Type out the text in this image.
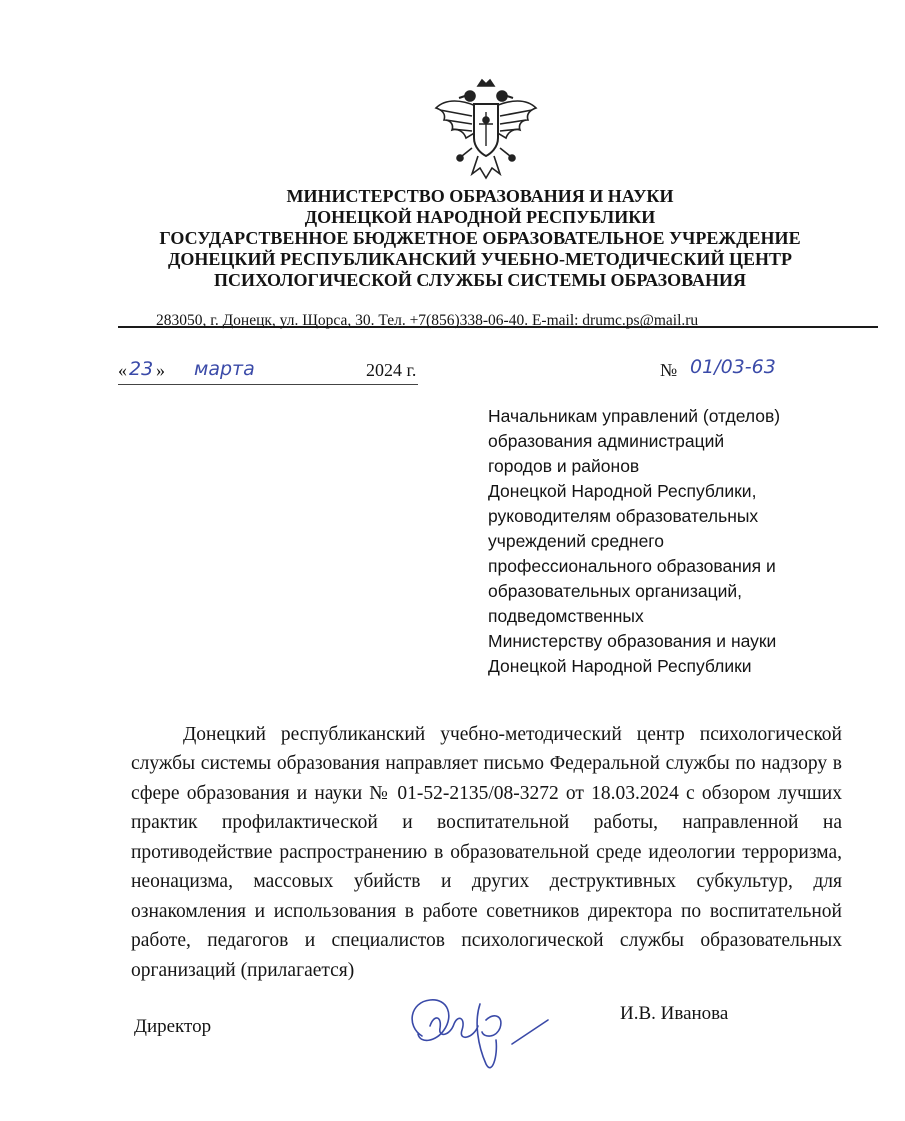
МИНИСТЕРСТВО ОБРАЗОВАНИЯ И НАУКИ
ДОНЕЦКОЙ НАРОДНОЙ РЕСПУБЛИКИ
ГОСУДАРСТВЕННОЕ БЮДЖЕТНОЕ ОБРАЗОВАТЕЛЬНОЕ УЧРЕЖДЕНИЕ
ДОНЕЦКИЙ РЕСПУБЛИКАНСКИЙ УЧЕБНО-МЕТОДИЧЕСКИЙ ЦЕНТР
ПСИХОЛОГИЧЕСКОЙ СЛУЖБЫ СИСТЕМЫ ОБРАЗОВАНИЯ
283050, г. Донецк, ул. Щорса, 30. Тел. +7(856)338-06-40. E-mail: drumc.ps@mail.ru
« 23 » марта	2024 г.	№ 01/03-63
Начальникам управлений (отделов)
образования администраций
городов и районов
Донецкой Народной Республики,
руководителям образовательных
учреждений среднего
профессионального образования и
образовательных организаций,
подведомственных
Министерству образования и науки
Донецкой Народной Республики

Донецкий республиканский учебно-методический центр психологической службы системы образования направляет письмо Федеральной службы по надзору в сфере образования и науки № 01-52-2135/08-3272 от 18.03.2024 с обзором лучших практик профилактической и воспитательной работы, направленной на противодействие распространению в образовательной среде идеологии терроризма, неонацизма, массовых убийств и других деструктивных субкультур, для ознакомления и использования в работе советников директора по воспитательной работе, педагогов и специалистов психологической службы образовательных организаций (прилагается)

Директор
И.В. Иванова
